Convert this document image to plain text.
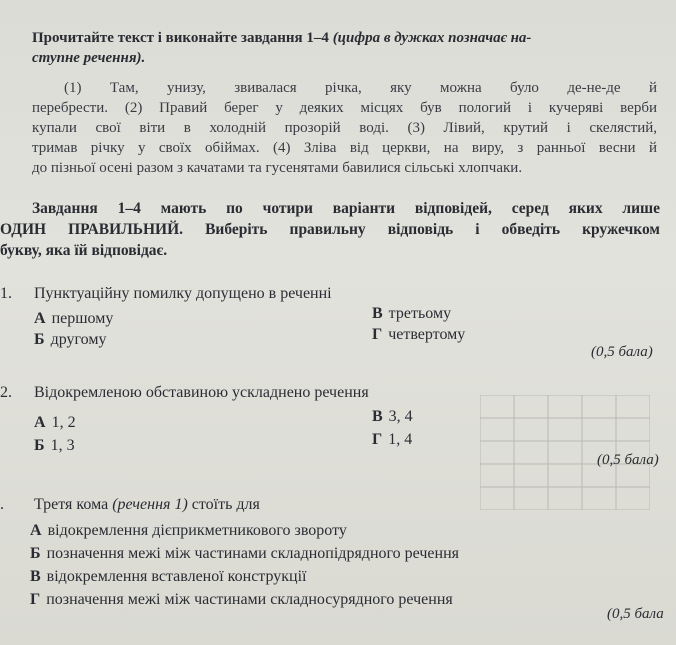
Прочитайте текст і виконайте завдання 1–4 (цифра в дужках позначає на-
ступне речення).
(1) Там, унизу, звивалася річка, яку можна було де-не-де й
перебрести. (2) Правий берег у деяких місцях був пологий і кучеряві верби
купали свої віти в холодній прозорій воді. (3) Лівий, крутий і скелястий,
тримав річку у своїх обіймах. (4) Зліва від церкви, на виру, з ранньої весни й
до пізньої осені разом з качатами та гусенятами бавилися сільські хлопчаки.
Завдання 1–4 мають по чотири варіанти відповідей, серед яких лише
ОДИН ПРАВИЛЬНИЙ. Виберіть правильну відповідь і обведіть кружечком
букву, яка їй відповідає.
1. Пунктуаційну помилку допущено в реченні
А першому
Б другому
В третьому
Г четвертому
(0,5 бала)
2. Відокремленою обставиною ускладнено речення
А 1, 2
Б 1, 3
В 3, 4
Г 1, 4
(0,5 бала)
. Третя кома (речення 1) стоїть для
А відокремлення дієприкметникового звороту
Б позначення межі між частинами складнопідрядного речення
В відокремлення вставленої конструкції
Г позначення межі між частинами складносурядного речення
(0,5 бала
